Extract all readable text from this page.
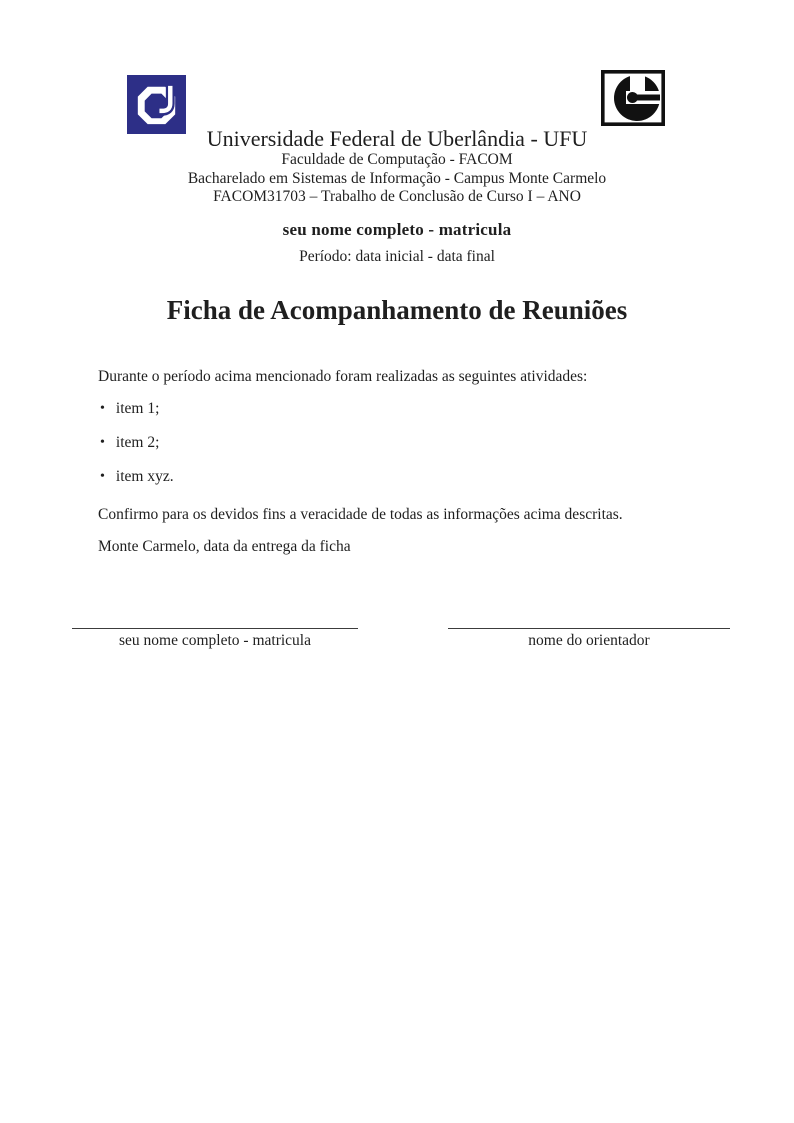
Universidade Federal de Uberlândia - UFU
Faculdade de Computação - FACOM
Bacharelado em Sistemas de Informação - Campus Monte Carmelo
FACOM31703 – Trabalho de Conclusão de Curso I – ANO
seu nome completo - matricula
Período: data inicial - data final
Ficha de Acompanhamento de Reuniões

Durante o período acima mencionado foram realizadas as seguintes atividades:

• item 1;
• item 2;
• item xyz.

Confirmo para os devidos fins a veracidade de todas as informações acima descritas.

Monte Carmelo, data da entrega da ficha

seu nome completo - matricula	nome do orientador
